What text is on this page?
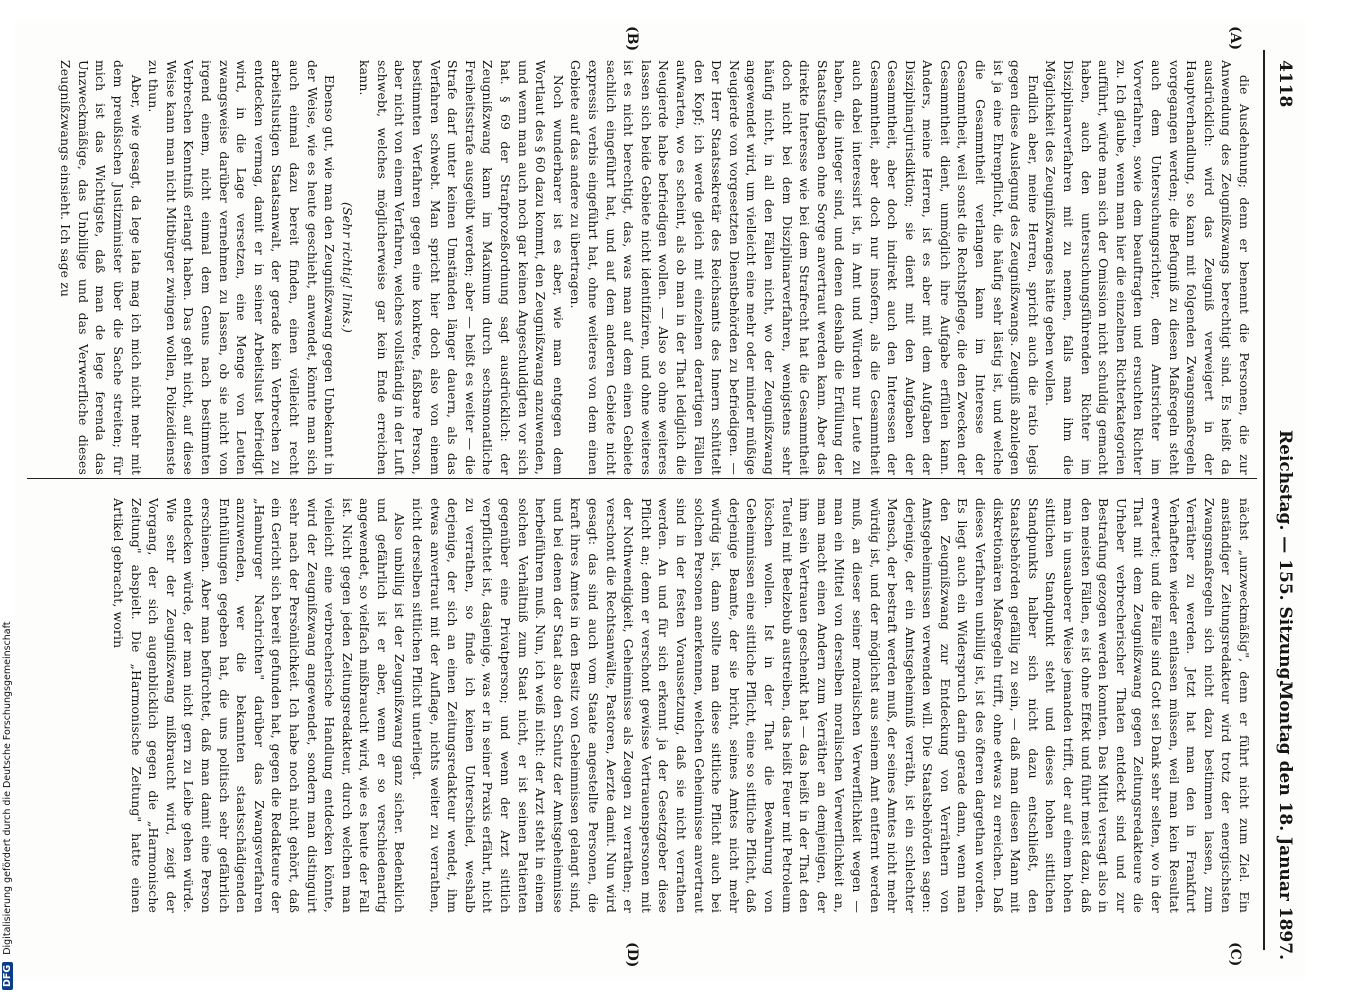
4118
Reichstag. — 155. Sitzung.
Montag den 18. Januar 1897.
(A)
(B)
(C)
(D)

die Ausdehnung; denn er benennt die Personen, die zur Anwendung des Zeugnißzwangs berechtigt sind. Es heißt da ausdrücklich: wird das Zeugniß verweigert in der Hauptverhandlung, so kann mit folgenden Zwangsmaßregeln vorgegangen werden; die Befugniß zu diesen Maßregeln steht auch dem Untersuchungsrichter, dem Amtsrichter im Vorverfahren, sowie dem beauftragten und ersuchten Richter zu. Ich glaube, wenn man hier die einzelnen Richterkategorien aufführt, würde man sich der Omission nicht schuldig gemacht haben, auch den untersuchungsführenden Richter im Disziplinarverfahren mit zu nennen, falls man ihm die Möglichkeit des Zeugnißzwanges hätte geben wollen.

Endlich aber, meine Herren, spricht auch die ratio legis gegen diese Auslegung des Zeugnißzwangs. Zeugniß abzulegen ist ja eine Ehrenpflicht, die häufig sehr lästig ist, und welche die Gesammtheit verlangen kann im Interesse der Gesammtheit, weil sonst die Rechtspflege, die den Zwecken der Gesammtheit dient, unmöglich ihre Aufgabe erfüllen kann. Anders, meine Herren, ist es aber mit dem Aufgaben der Disziplinarjurisdiktion; sie dient mit den Aufgaben der Gesammtheit, aber doch indirekt auch den Interessen der Gesammtheit, aber doch nur insofern, als die Gesammtheit auch dabei interessirt ist, in Amt und Würden nur Leute zu haben, die integer sind, und denen deshalb die Erfüllung der Staatsaufgaben ohne Sorge anvertraut werden kann. Aber das direkte Interesse wie bei dem Strafrecht hat die Gesammtheit doch nicht bei dem Disziplinarverfahren, wenigstens sehr häufig nicht, in all den Fällen nicht, wo der Zeugnißzwang angewendet wird, um vielleicht eine mehr oder minder müßige Neugierde von vorgesetzten Dienstbehörden zu befriedigen. — Der Herr Staatssekretär des Reichsamts des Innern schüttelt den Kopf; ich werde gleich mit einzelnen derartigen Fällen aufwarten, wo es scheint, als ob man in der That lediglich die Neugierde habe befriedigen wollen. — Also so ohne weiteres lassen sich beide Gebiete nicht identifiziren, und ohne weiteres ist es nicht berechtigt, das, was man auf dem einen Gebiete sachlich eingeführt hat, und auf dem anderen Gebiete nicht expressis verbis eingeführt hat, ohne weiteres von dem einen Gebiete auf das andere zu übertragen.

Noch wunderbarer ist es aber, wie man entgegen dem Wortlaut des § 60 dazu kommt, den Zeugnißzwang anzuwenden, und wenn man auch noch gar keinen Angeschuldigten vor sich hat. § 69 der Strafprozeßordnung sagt ausdrücklich: der Zeugnißzwang kann im Maximum durch sechsmonatliche Freiheitsstrafe ausgeübt werden; aber — heißt es weiter — die Strafe darf unter keinen Umständen länger dauern, als das Verfahren schwebt. Man spricht hier doch also von einem bestimmten Verfahren gegen eine konkrete, faßbare Person, aber nicht von einem Verfahren, welches vollständig in der Luft schwebt, welches möglicherweise gar kein Ende erreichen kann.

(Sehr richtig! links.)

Ebenso gut, wie man den Zeugnißzwang gegen Unbekannt in der Weise, wie es heute geschieht, anwendet, könnte man sich auch einmal dazu bereit finden, einen vielleicht recht arbeitslustigen Staatsanwalt, der gerade kein Verbrechen zu entdecken vermag, damit er in seiner Arbeitslust befriedigt wird, in die Lage versetzen, eine Menge von Leuten zwangsweise darüber vernehmen zu lassen, ob sie nicht von irgend einem, nicht einmal dem Genus nach bestimmten Verbrechen Kenntniß erlangt haben. Das geht nicht, auf diese Weise kann man nicht Mitbürger zwingen wollen, Polizeidienste zu thun.

Aber, wie gesagt, da lege lata mag ich mich nicht mehr mit dem preußischen Justizminister über die Sache streiten; für mich ist das Wichtigste, daß man de lege ferenda das Unzweckmäßige, das Unbillige und das Verwerfliche dieses Zeugnißzwangs einsieht. Ich sage zu

nächst „unzweckmäßig", denn er führt nicht zum Ziel. Ein anständiger Zeitungsredakteur wird trotz der energischsten Zwangsmaßregeln sich nicht dazu bestimmen lassen, zum Verräther zu werden. Jetzt hat man den in Frankfurt Verhafteten wieder entlassen müssen, weil man kein Resultat erwartet; und die Fälle sind Gott sei Dank sehr selten, wo in der That mit dem Zeugnißzwang gegen Zeitungsredakteure die Urheber verbrecherischer Thaten entdeckt sind und zur Bestrafung gezogen werden konnten. Das Mittel versagt also in den meisten Fällen, es ist ohne Effekt und führt meist dazu, daß man in unsauberer Weise jemanden trifft, der auf einem hohen sittlichen Standpunkt steht und dieses hohen sittlichen Standpunkts halber sich nicht dazu entschließt, den Staatsbehörden gefällig zu sein, — daß man diesen Mann mit diskretionären Maßregeln trifft, ohne etwas zu erreichen. Daß dieses Verfahren unbillig ist, ist des öfteren dargethan worden. Es liegt auch ein Widerspruch darin gerade dann, wenn man den Zeugnißzwang zur Entdeckung von Verräthern von Amtsgeheimnissen verwenden will. Die Staatsbehörden sagen: derjenige, der ein Amtsgeheimniß verräth, ist ein schlechter Mensch, der bestraft werden muß, der seines Amtes nicht mehr würdig ist, und der möglichst aus seinem Amt entfernt werden muß, an dieser seiner moralischen Verwerflichkeit wegen — man ein Mittel von derselben moralischen Verwerflichkeit an, man macht einen Andern zum Verräther an demjenigen, der ihm sein Vertrauen geschenkt hat — das heißt in der That den Teufel mit Beelzebub austreiben, das heißt Feuer mit Petroleum löschen wollen. Ist in der That die Bewahrung von Geheimnissen eine sittliche Pflicht, eine so sittliche Pflicht, daß derjenige Beamte, der sie bricht, seines Amtes nicht mehr würdig ist, dann sollte man diese sittliche Pflicht auch bei solchen Personen anerkennen, welchen Geheimnisse anvertraut sind in der festen Voraussetzung, daß sie nicht verrathen werden. An und für sich erkennt ja der Gesetzgeber diese Pflicht an; denn er verschont gewisse Vertrauenspersonen mit der Nothwendigkeit, Geheimnisse als Zeugen zu verrathen; er verschont die Rechtsanwälte, Pastoren, Aerzte damit. Nun wird gesagt: das sind auch vom Staate angestellte Personen, die kraft ihres Amtes in den Besitz von Geheimnissen gelangt sind, und bei denen der Staat also den Schutz der Amtsgeheimnisse herbeiführen muß. Nun, ich weiß nicht: der Arzt steht in einem solchen Verhältniß zum Staat nicht, er ist seinen Patienten gegenüber eine Privatperson; und wenn der Arzt sittlich verpflichtet ist, dasjenige, was er in seiner Praxis erfährt, nicht zu verrathen, so finde ich keinen Unterschied, weshalb derjenige, der sich an einen Zeitungsredakteur wendet, ihm etwas anvertraut mit der Auflage, nichts weiter zu verrathen, nicht derselben sittlichen Pflicht unterliegt.

Also unbillig ist der Zeugnißzwang ganz sicher. Bedenklich und gefährlich ist er aber, wenn er so verschiedenartig angewendet, so vielfach mißbraucht wird, wie es heute der Fall ist. Nicht gegen jeden Zeitungsredakteur, durch welchen man vielleicht eine verbrecherische Handlung entdecken könnte, wird der Zeugnißzwang angewendet, sondern man distinguirt sehr nach der Persönlichkeit. Ich habe noch nicht gehört, daß ein Gericht sich bereit gefunden hat, gegen die Redakteure der „Hamburger Nachrichten" darüber das Zwangsverfahren anzuwenden, wer die bekannten staatsschädigenden Enthüllungen gegeben hat, die uns politisch sehr gefährlich erschienen. Aber man befürchtet, daß man damit eine Person entdecken würde, der man nicht gern zu Leibe gehen würde. Wie sehr der Zeugnißzwang mißbraucht wird, zeigt der Vorgang, der sich augenblicklich gegen die „Harmonische Zeitung" abspielt. Die „Harmonische Zeitung" hatte einen Artikel gebracht, worin

DFG Digitalisierung gefördert durch die Deutsche Forschungsgemeinschaft
